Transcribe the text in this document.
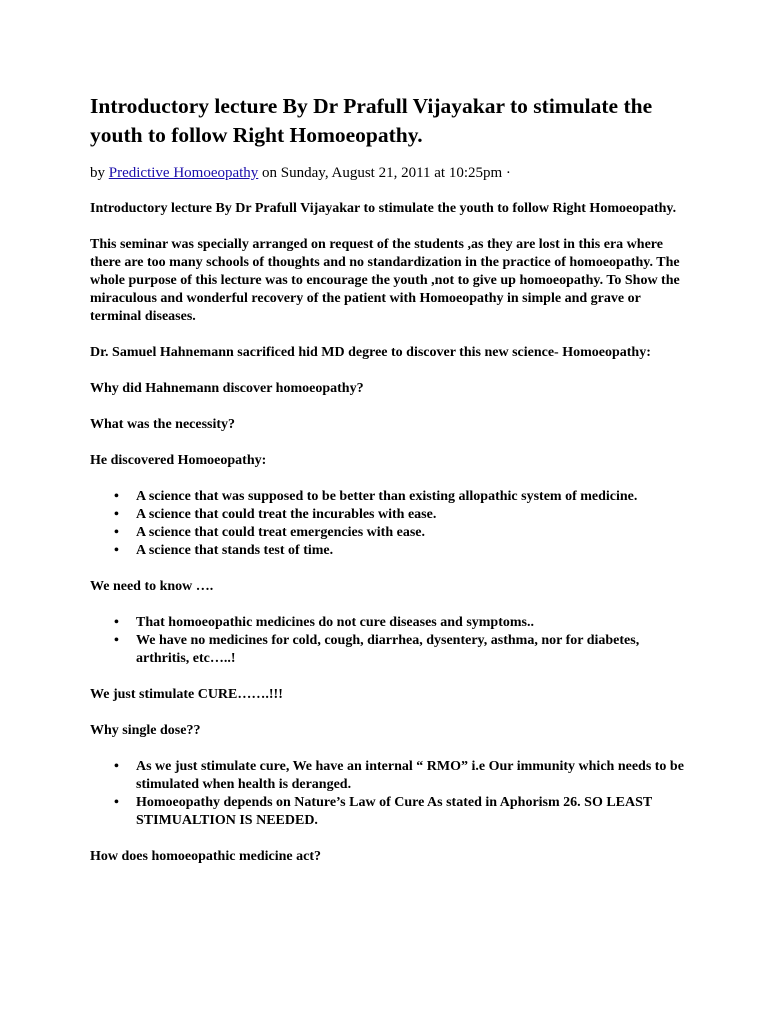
Introductory lecture By Dr Prafull Vijayakar to stimulate the youth to follow Right Homoeopathy.
by Predictive Homoeopathy on Sunday, August 21, 2011 at 10:25pm ·

Introductory lecture By Dr Prafull Vijayakar to stimulate the youth to follow Right Homoeopathy.

This seminar was specially arranged on request of the students ,as they are lost in this era where there are too many schools of thoughts and no standardization in the practice of homoeopathy. The whole purpose of this lecture was to encourage the youth ,not to give up homoeopathy. To Show the miraculous and wonderful recovery of the patient with Homoeopathy in simple and grave or terminal diseases.

Dr. Samuel Hahnemann sacrificed hid MD degree to discover this new science- Homoeopathy:

Why did Hahnemann discover homoeopathy?

What was the necessity?

He discovered Homoeopathy:

• A science that was supposed to be better than existing allopathic system of medicine.
• A science that could treat the incurables with ease.
• A science that could treat emergencies with ease.
• A science that stands test of time.

We need to know ….

• That homoeopathic medicines do not cure diseases and symptoms..
• We have no medicines for cold, cough, diarrhea, dysentery, asthma, nor for diabetes, arthritis, etc…..!

We just stimulate CURE…….!!!

Why single dose??

• As we just stimulate cure, We have an internal “ RMO” i.e Our immunity which needs to be stimulated when health is deranged.
• Homoeopathy depends on Nature’s Law of Cure As stated in Aphorism 26. SO LEAST STIMUALTION IS NEEDED.

How does homoeopathic medicine act?
